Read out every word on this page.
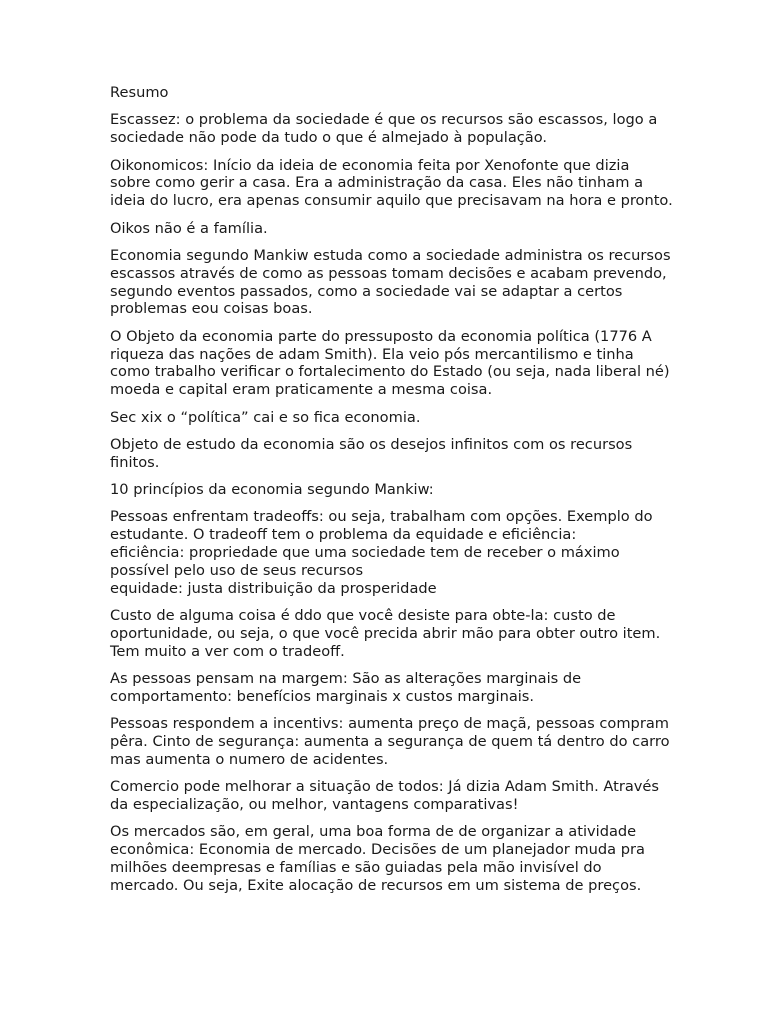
Resumo

Escassez: o problema da sociedade é que os recursos são escassos, logo a
sociedade não pode da tudo o que é almejado à população.

Oikonomicos: Início da ideia de economia feita por Xenofonte que dizia
sobre como gerir a casa. Era a administração da casa. Eles não tinham a
ideia do lucro, era apenas consumir aquilo que precisavam na hora e pronto.

Oikos não é a família.

Economia segundo Mankiw estuda como a sociedade administra os recursos
escassos através de como as pessoas tomam decisões e acabam prevendo,
segundo eventos passados, como a sociedade vai se adaptar a certos
problemas eou coisas boas.

O Objeto da economia parte do pressuposto da economia política (1776 A
riqueza das nações de adam Smith). Ela veio pós mercantilismo e tinha
como trabalho verificar o fortalecimento do Estado (ou seja, nada liberal né)
moeda e capital eram praticamente a mesma coisa.

Sec xix o “política” cai e so fica economia.

Objeto de estudo da economia são os desejos infinitos com os recursos
finitos.

10 princípios da economia segundo Mankiw:

Pessoas enfrentam tradeoffs: ou seja, trabalham com opções. Exemplo do
estudante. O tradeoff tem o problema da equidade e eficiência:
eficiência: propriedade que uma sociedade tem de receber o máximo
possível pelo uso de seus recursos
equidade: justa distribuição da prosperidade

Custo de alguma coisa é ddo que você desiste para obte-la: custo de
oportunidade, ou seja, o que você precida abrir mão para obter outro item.
Tem muito a ver com o tradeoff.

As pessoas pensam na margem: São as alterações marginais de
comportamento: benefícios marginais x custos marginais.

Pessoas respondem a incentivs: aumenta preço de maçã, pessoas compram
pêra. Cinto de segurança: aumenta a segurança de quem tá dentro do carro
mas aumenta o numero de acidentes.

Comercio pode melhorar a situação de todos: Já dizia Adam Smith. Através
da especialização, ou melhor, vantagens comparativas!

Os mercados são, em geral, uma boa forma de de organizar a atividade
econômica: Economia de mercado. Decisões de um planejador muda pra
milhões deempresas e famílias e são guiadas pela mão invisível do
mercado. Ou seja, Exite alocação de recursos em um sistema de preços.
